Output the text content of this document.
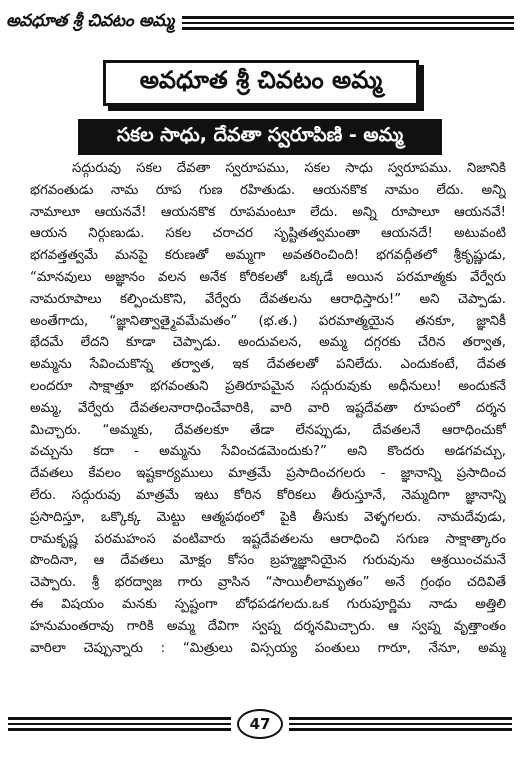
అవధూత శ్రీ చివటం అమ్మ
అవధూత శ్రీ చివటం అమ్మ
సకల సాధు, దేవతా స్వరూపిణి - అమ్మ
సద్గురువు సకల దేవతా స్వరూపము, సకల సాధు స్వరూపము. నిజానికి
భగవంతుడు నామ రూప గుణ రహితుడు. ఆయనకొక నామం లేదు. అన్ని
నామాలూ ఆయనవే! ఆయనకొక రూపమంటూ లేదు. అన్ని రూపాలూ ఆయనవే!
ఆయన నిర్గుణుడు. సకల చరాచర సృష్టితత్వమంతా ఆయనదే! అటువంటి
భగవత్తత్వమే మనపై కరుణతో అమ్మగా అవతరించింది! భగవద్గీతలో శ్రీకృష్ణుడు,
“మానవులు అజ్ఞానం వలన అనేక కోరికలతో ఒక్కడే అయిన పరమాత్మకు వేర్వేరు
నామరూపాలు కల్పించుకొని, వేర్వేరు దేవతలను ఆరాధిస్తారు!” అని చెప్పాడు.
అంతేగాదు, “జ్ఞానిత్వాత్మైవమేమతం” (భ.త.) పరమాత్మయైన తనకూ, జ్ఞానికీ
భేదమే లేదని కూడా చెప్పాడు. అందువలన, అమ్మ దగ్గరకు చేరిన తర్వాత,
అమ్మను సేవించుకొన్న తర్వాత, ఇక దేవతలతో పనిలేదు. ఎందుకంటే, దేవత
లందరూ సాక్షాత్తూ భగవంతుని ప్రతిరూపమైన సద్గురువుకు అధీనులు! అందుకనే
అమ్మ, వేర్వేరు దేవతలనారాధించేవారికి, వారి వారి ఇష్టదేవతా రూపంలో దర్శన
మిచ్చారు. “అమ్మకు, దేవతలకూ తేడా లేనప్పుడు, దేవతలనే ఆరాధించుకో
వచ్చును కదా - అమ్మను సేవించడమెందుకు?” అని కొందరు అడగవచ్చు,
దేవతలు కేవలం ఇష్టకార్యములు మాత్రమే ప్రసాదించగలరు - జ్ఞానాన్ని ప్రసాదించ
లేరు. సద్గురువు మాత్రమే ఇటు కోరిన కోరికలు తీరుస్తూనే, నెమ్మదిగా జ్ఞానాన్ని
ప్రసాదిస్తూ, ఒక్కొక్క మెట్టు ఆత్మపథంలో పైకి తీసుకు వెళ్ళగలరు. నామదేవుడు,
రామకృష్ణ పరమహంస వంటివారు ఇష్టదేవతలను ఆరాధించి సగుణ సాక్షాత్కారం
పొందినా, ఆ దేవతలు మోక్షం కోసం బ్రహ్మజ్ఞానియైన గురువును ఆశ్రయించమనే
చెప్పారు. శ్రీ భరద్వాజ గారు వ్రాసిన “సాయిలీలామృతం” అనే గ్రంథం చదివితే
ఈ విషయం మనకు స్పష్టంగా బోధపడగలదు.ఒక గురుపూర్ణిమ నాడు అత్తిలి
హనుమంతరావు గారికి అమ్మ దేవిగా స్వప్న దర్శనమిచ్చారు. ఆ స్వప్న వృత్తాంతం
వారిలా చెప్పున్నారు : “మిత్రులు విస్సయ్య పంతులు గారూ, నేనూ, అమ్మ
47
